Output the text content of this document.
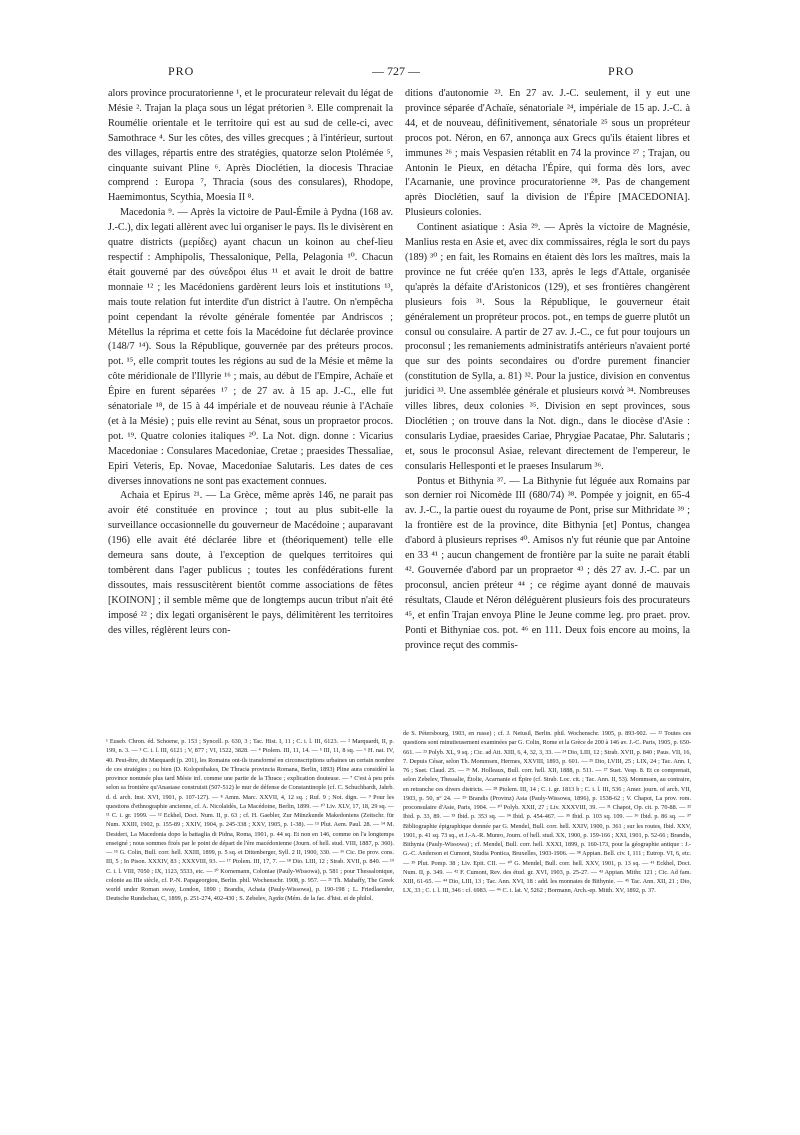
PRO	— 727 —	PRO

alors province procuratorienne ¹, et le procurateur relevait du légat de Mésie ². Trajan la plaça sous un légat prétorien ³. Elle comprenait la Roumélie orientale et le territoire qui est au sud de celle-ci, avec Samothrace ⁴. Sur les côtes, des villes grecques ; à l'intérieur, surtout des villages, répartis entre des stratégies, quatorze selon Ptolémée ⁵, cinquante suivant Pline ⁶. Après Dioclétien, la diocesis Thraciae comprend : Europa ⁷, Thracia (sous des consulares), Rhodope, Haemimontus, Scythia, Moesia II ⁸.

Macedonia ⁹. — Après la victoire de Paul-Émile à Pydna (168 av. J.-C.), dix legati allèrent avec lui organiser le pays. Ils le divisèrent en quatre districts (μερίδες) ayant chacun un koinon au chef-lieu respectif : Amphipolis, Thessalonique, Pella, Pelagonia ¹⁰. Chacun était gouverné par des σύνεδροι élus ¹¹ et avait le droit de battre monnaie ¹² ; les Macédoniens gardèrent leurs lois et institutions ¹³, mais toute relation fut interdite d'un district à l'autre. On n'empêcha point cependant la révolte générale fomentée par Andriscos ; Métellus la réprima et cette fois la Macédoine fut déclarée province (148/7 ¹⁴). Sous la République, gouvernée par des préteurs procos. pot. ¹⁵, elle comprit toutes les régions au sud de la Mésie et même la côte méridionale de l'Illyrie ¹⁶ ; mais, au début de l'Empire, Achaïe et Épire en furent séparées ¹⁷ ; de 27 av. à 15 ap. J.-C., elle fut sénatoriale ¹⁸, de 15 à 44 impériale et de nouveau réunie à l'Achaïe (et à la Mésie) ; puis elle revint au Sénat, sous un propraetor procos. pot. ¹⁹. Quatre colonies italiques ²⁰. La Not. dign. donne : Vicarius Macedoniae : Consulares Macedoniae, Cretae ; praesides Thessaliae, Epiri Veteris, Ep. Novae, Macedoniae Salutaris. Les dates de ces diverses innovations ne sont pas exactement connues.

Achaia et Epirus ²¹. — La Grèce, même après 146, ne parait pas avoir été constituée en province ; tout au plus subit-elle la surveillance occasionnelle du gouverneur de Macédoine ; auparavant (196) elle avait été déclarée libre et (théoriquement) telle elle demeura sans doute, à l'exception de quelques territoires qui tombèrent dans l'ager publicus ; toutes les confédérations furent dissoutes, mais ressuscitèrent bientôt comme associations de fêtes [KOINON] ; il semble même que de longtemps aucun tribut n'ait été imposé ²² ; dix legati organisèrent le pays, délimitèrent les territoires des villes, réglèrent leurs con-

ditions d'autonomie ²³. En 27 av. J.-C. seulement, il y eut une province séparée d'Achaïe, sénatoriale ²⁴, impériale de 15 ap. J.-C. à 44, et de nouveau, définitivement, sénatoriale ²⁵ sous un propréteur procos pot. Néron, en 67, annonça aux Grecs qu'ils étaient libres et immunes ²⁶ ; mais Vespasien rétablit en 74 la province ²⁷ ; Trajan, ou Antonin le Pieux, en détacha l'Épire, qui forma dès lors, avec l'Acarnanie, une province procuratorienne ²⁸. Pas de changement après Dioclétien, sauf la division de l'Épire [MACEDONIA]. Plusieurs colonies.

Continent asiatique : Asia ²⁹. — Après la victoire de Magnésie, Manlius resta en Asie et, avec dix commissaires, régla le sort du pays (189) ³⁰ ; en fait, les Romains en étaient dès lors les maîtres, mais la province ne fut créée qu'en 133, après le legs d'Attale, organisée qu'après la défaite d'Aristonicos (129), et ses frontières changèrent plusieurs fois ³¹. Sous la République, le gouverneur était généralement un propréteur procos. pot., en temps de guerre plutôt un consul ou consulaire. A partir de 27 av. J.-C., ce fut pour toujours un proconsul ; les remaniements administratifs antérieurs n'avaient porté que sur des points secondaires ou d'ordre purement financier (constitution de Sylla, a. 81) ³². Pour la justice, division en conventus juridici ³³. Une assemblée générale et plusieurs κοινά ³⁴. Nombreuses villes libres, deux colonies ³⁵. Division en sept provinces, sous Dioclétien ; on trouve dans la Not. dign., dans le diocèse d'Asie : consularis Lydiae, praesides Cariae, Phrygiae Pacatae, Phr. Salutaris ; et, sous le proconsul Asiae, relevant directement de l'empereur, le consularis Hellesponti et le praeses Insularum ³⁶.

Pontus et Bithynia ³⁷. — La Bithynie fut léguée aux Romains par son dernier roi Nicomède III (680/74) ³⁸. Pompée y joignit, en 65-4 av. J.-C., la partie ouest du royaume de Pont, prise sur Mithridate ³⁹ ; la frontière est de la province, dite Bithynia [et] Pontus, changea d'abord à plusieurs reprises ⁴⁰. Amisos n'y fut réunie que par Antoine en 33 ⁴¹ ; aucun changement de frontière par la suite ne parait établi ⁴². Gouvernée d'abord par un propraetor ⁴³ ; dès 27 av. J.-C. par un proconsul, ancien préteur ⁴⁴ ; ce régime ayant donné de mauvais résultats, Claude et Néron déléguèrent plusieurs fois des procurateurs ⁴⁵, et enfin Trajan envoya Pline le Jeune comme leg. pro praet. prov. Ponti et Bithyniae cos. pot. ⁴⁶ en 111. Deux fois encore au moins, la province reçut des commis-

¹ Euseb. Chron. éd. Schoene, p. 153 ; Syncell. p. 630, 3 ; Tac. Hist. I, 11 ; C. i. l. III, 6123. — ² Marquardt, II, p. 199, n. 3. — ³ C. i. l. III, 6121 ; V, 877 ; VI, 1522, 3828. — ⁴ Ptolem. III, 11, 14. — ⁵ III, 11, 8 sq. — ⁶ H. nat. IV, 40. Peut-être, dit Marquardt (p. 201), les Romains ont-ils transformé en circonscriptions urbaines un certain nombre de ces stratégies ; ou bien (D. Kolopothakes, De Thracia provincia Romana, Berlin, 1893) Pline aura considéré la province nommée plus tard Mésie inf. comme une partie de la Thrace ; explication douteuse. — ⁷ C'est à peu près selon sa frontière qu'Anastase construisit (507-512) le mur de défense de Constantinople (cf. C. Schuchhardt, Jahrb. d. d. arch. Inst. XVI, 1901, p. 107-127). — ⁸ Amm. Marc. XXVII, 4, 12 sq. ; Ruf. 9 ; Not. dign. — ⁹ Pour les questions d'ethnographie ancienne, cf. A. Nicolaïdès, La Macédoine, Berlin, 1899. — ¹⁰ Liv. XLV, 17, 18, 29 sq. — ¹¹ C. i. gr. 1999. — ¹² Eckhel, Doct. Num. II, p. 63 ; cf. H. Gaebler, Zur Münzkunde Makedoniens (Zeitschr. für Num. XXIII, 1902, p. 155-89 ; XXIV, 1904, p. 245-338 ; XXV, 1905, p. 1-38). — ¹³ Plut. Aem. Paul. 28. — ¹⁴ M. Desideri, La Macedonia dopo la battaglia di Pidna, Roma, 1901, p. 44 sq. Et non en 146, comme on l'a longtemps enseigné ; nous sommes fixés par le point de départ de l'ère macédonienne (Journ. of hell. stud. VIII, 1887, p. 360). — ¹⁵ G. Colin, Bull. corr. hell. XXIII, 1899, p. 5 sq. et Dittenberger, Syll. 2 II, 1900, 330. — ¹⁶ Cic. De prov. cons. III, 5 ; In Pison. XXXIV, 83 ; XXXVIII, 93. — ¹⁷ Ptolem. III, 17, 7. — ¹⁸ Dio. LIII, 12 ; Strab. XVII, p. 840. — ¹⁹ C. i. l. VIII, 7050 ; IX, 1123, 5533, etc. — ²⁰ Kornemann, Coloniae (Pauly-Wissowa), p. 581 ; pour Thessalonique, colonie au IIIe siècle, cf. P.-N. Papageorgiou, Berlin. phil. Wochenschr. 1908, p. 957. — ²¹ Th. Mahaffy, The Greek world under Roman sway, London, 1890 ; Brandis, Achaia (Pauly-Wissowa), p. 190-198 ; L. Friedlaender, Deutsche Rundschau, C, 1899, p. 251-274, 402-430 ; S. Zebelev, Ἀχαΐα (Mém. de la fac. d'hist. et de philol.
de S. Pétersbourg, 1903, en russe) ; cf. J. Netusil, Berlin. phil. Wochenschr. 1905, p. 893-902. — ²² Toutes ces questions sont minutieusement examinées par G. Colin, Rome et la Grèce de 200 à 146 av. J.-C. Paris, 1905, p. 650-661. — ²³ Polyb. XL, 9 sq. ; Cic. ad Att. XIII, 6, 4, 32, 3, 33. — ²⁴ Dio, LIII, 12 ; Strab. XVII, p. 840 ; Paus. VII, 16, 7. Depuis César, selon Th. Mommsen, Hermes, XXVIII, 1893, p. 601. — ²⁵ Dio, LVIII, 25 ; LIX, 24 ; Tac. Ann. I, 76 ; Suet. Claud. 25. — ²⁶ M. Holleaux, Bull. corr. hell. XII, 1888, p. 511. — ²⁷ Suet. Vesp. 8. Et ce comprenait, selon Zebelev, Thessalie, Étolie, Acarnanie et Épire (cf. Strab. Loc. cit. ; Tac. Ann. II, 53). Mommsen, au contraire, en retranche ces divers districts. — ²⁸ Ptolem. III, 14 ; C. i. gr. 1813 b ; C. i. l. III, 536 ; Amer. journ. of arch. VII, 1903, p. 50, nº 24. — ²⁹ Brandis (Provinz) Asia (Pauly-Wissowa, 1896), p. 1538-62 ; V. Chapot, La prov. rom. proconsulaire d'Asie, Paris, 1904. — ³⁰ Polyb. XXII, 27 ; Liv. XXXVIII, 39. — ³¹ Chapot, Op. cit. p. 70-88. — ³² Ibid. p. 33, 89. — ³³ Ibid. p. 353 sq. — ³⁴ Ibid. p. 454-467. — ³⁵ Ibid. p. 103 sq. 109. — ³⁶ Ibid. p. 86 sq. — ³⁷ Bibliographie épigraphique donnée par G. Mendel, Bull. corr. hell. XXIV, 1900, p. 361 ; sur les routes, Ibid. XXV, 1901, p. 41 sq. 73 sq., et J.-A.-R. Munro, Journ. of hell. stud. XX, 1900, p. 159-166 ; XXI, 1901, p. 52-66 ; Brandis, Bithynia (Pauly-Wissowa) ; cf. Mendel, Bull. corr. hell. XXXI, 1899, p. 160-173, pour la géographie antique : J.-G.-C. Anderson et Cumont, Studia Pontica, Bruxelles, 1903-1906. — ³⁸ Appian. Bell. civ. I, 111 ; Eutrop. VI, 6, etc. — ³⁹ Plut. Pomp. 38 ; Liv. Epit. CII. — ⁴⁰ G. Mendel, Bull. corr. hell. XXV, 1901, p. 13 sq. — ⁴¹ Eckhel, Doct. Num. II, p. 349. — ⁴² F. Cumont, Rev. des étud. gr. XVI, 1903, p. 25-27. — ⁴³ Appian. Mithr. 121 ; Cic. Ad fam. XIII, 61-65. — ⁴⁴ Dio, LIII, 13 ; Tac. Ann. XVI, 18 : add. les monnaies de Bithynie. — ⁴⁵ Tac. Ann. XII, 21 ; Dio, LX, 33 ; C. i. l. III, 346 : cf. 6983. — ⁴⁶ C. i. lat. V, 5262 ; Bormann, Arch.-ep. Mitth. XV, 1892, p. 37.
